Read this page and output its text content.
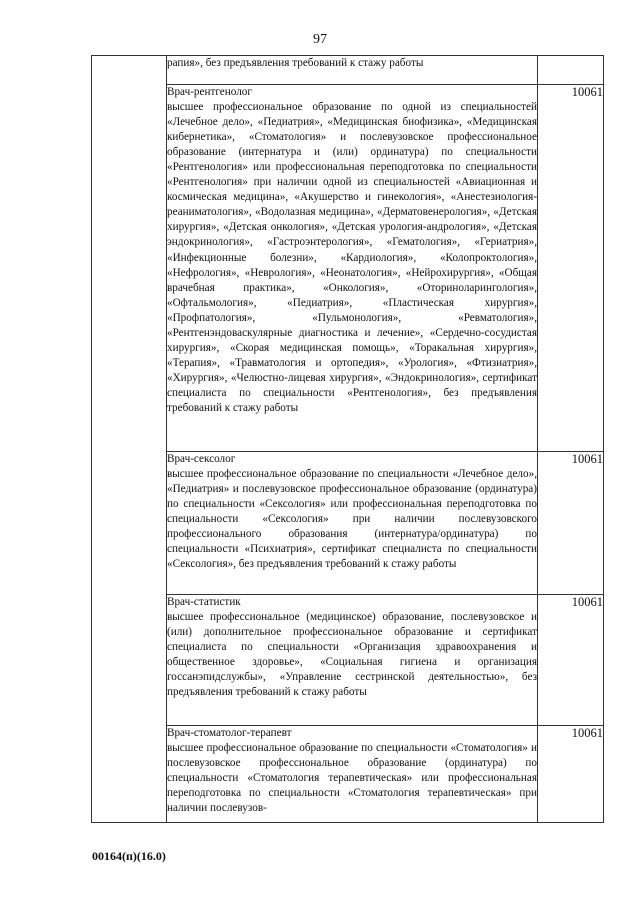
97

	рапия», без предъявления требований к стажу работы	

	Врач-рентгенолог
высшее профессиональное образование по одной из специальностей «Лечебное дело», «Педиатрия», «Медицинская биофизика», «Медицинская кибернетика», «Стоматология» и послевузовское профессиональное образование (интернатура и (или) ординатура) по специальности «Рентгенология» или профессиональная переподготовка по специальности «Рентгенология» при наличии одной из специальностей «Авиационная и космическая медицина», «Акушерство и гинекология», «Анестезиология-реаниматология», «Водолазная медицина», «Дерматовенерология», «Детская хирургия», «Детская онкология», «Детская урология-андрология», «Детская эндокринология», «Гастроэнтерология», «Гематология», «Гериатрия», «Инфекционные болезни», «Кардиология», «Колопроктология», «Нефрология», «Неврология», «Неонатология», «Нейрохирургия», «Общая врачебная практика», «Онкология», «Оториноларингология», «Офтальмология», «Педиатрия», «Пластическая хирургия», «Профпатология», «Пульмонология», «Ревматология», «Рентгенэндоваскулярные диагностика и лечение», «Сердечно-сосудистая хирургия», «Скорая медицинская помощь», «Торакальная хирургия», «Терапия», «Травматология и ортопедия», «Урология», «Фтизиатрия», «Хирургия», «Челюстно-лицевая хирургия», «Эндокринология», сертификат специалиста по специальности «Рентгенология», без предъявления требований к стажу работы	10061

	Врач-сексолог
высшее профессиональное образование по специальности «Лечебное дело», «Педиатрия» и послевузовское профессиональное образование (ординатура) по специальности «Сексология» или профессиональная переподготовка по специальности «Сексология» при наличии послевузовского профессионального образования (интернатура/ординатура) по специальности «Психиатрия», сертификат специалиста по специальности «Сексология», без предъявления требований к стажу работы	10061

	Врач-статистик
высшее профессиональное (медицинское) образование, послевузовское и (или) дополнительное профессиональное образование и сертификат специалиста по специальности «Организация здравоохранения и общественное здоровье», «Социальная гигиена и организация госсанэпидслужбы», «Управление сестринской деятельностью», без предъявления требований к стажу работы	10061

	Врач-стоматолог-терапевт
высшее профессиональное образование по специальности «Стоматология» и послевузовское профессиональное образование (ординатура) по специальности «Стоматология терапевтическая» или профессиональная переподготовка по специальности «Стоматология терапевтическая» при наличии послевузов-	10061
00164(п)(16.0)
